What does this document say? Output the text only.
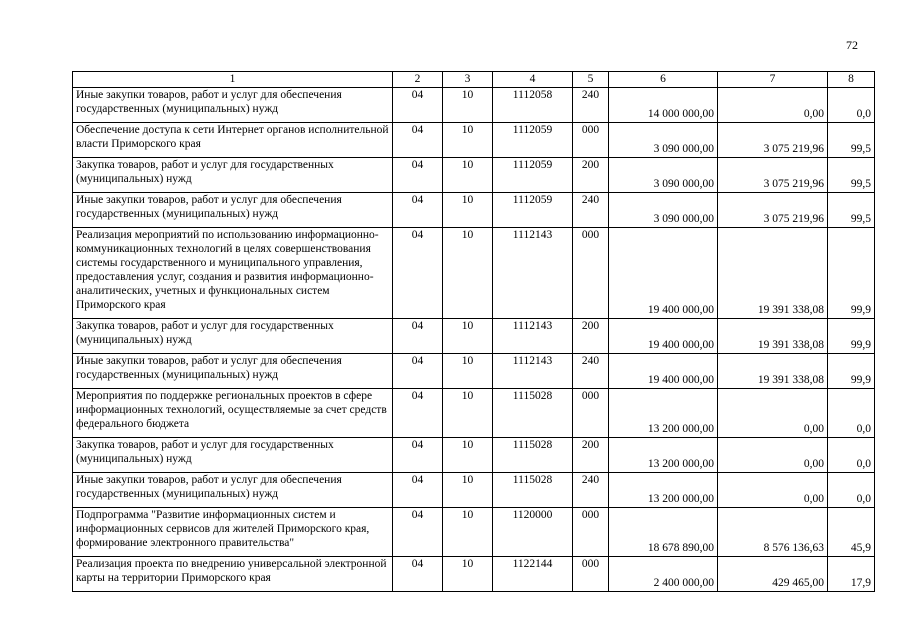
72
1	2	3	4	5	6	7	8
Иные закупки товаров, работ и услуг для обеспечения государственных (муниципальных) нужд	04	10	1112058	240	14 000 000,00	0,00	0,0
Обеспечение доступа к сети Интернет органов исполнительной власти Приморского края	04	10	1112059	000	3 090 000,00	3 075 219,96	99,5
Закупка товаров, работ и услуг для государственных (муниципальных) нужд	04	10	1112059	200	3 090 000,00	3 075 219,96	99,5
Иные закупки товаров, работ и услуг для обеспечения государственных (муниципальных) нужд	04	10	1112059	240	3 090 000,00	3 075 219,96	99,5
Реализация мероприятий по использованию информационно-коммуникационных технологий в целях совершенствования системы государственного и муниципального управления, предоставления услуг, создания и развития информационно-аналитических, учетных и функциональных систем Приморского края	04	10	1112143	000	19 400 000,00	19 391 338,08	99,9
Закупка товаров, работ и услуг для государственных (муниципальных) нужд	04	10	1112143	200	19 400 000,00	19 391 338,08	99,9
Иные закупки товаров, работ и услуг для обеспечения государственных (муниципальных) нужд	04	10	1112143	240	19 400 000,00	19 391 338,08	99,9
Мероприятия по поддержке региональных проектов в сфере информационных технологий, осуществляемые за счет средств федерального бюджета	04	10	1115028	000	13 200 000,00	0,00	0,0
Закупка товаров, работ и услуг для государственных (муниципальных) нужд	04	10	1115028	200	13 200 000,00	0,00	0,0
Иные закупки товаров, работ и услуг для обеспечения государственных (муниципальных) нужд	04	10	1115028	240	13 200 000,00	0,00	0,0
Подпрограмма "Развитие информационных систем и информационных сервисов для жителей Приморского края, формирование электронного правительства"	04	10	1120000	000	18 678 890,00	8 576 136,63	45,9
Реализация проекта по внедрению универсальной электронной карты на территории Приморского края	04	10	1122144	000	2 400 000,00	429 465,00	17,9
